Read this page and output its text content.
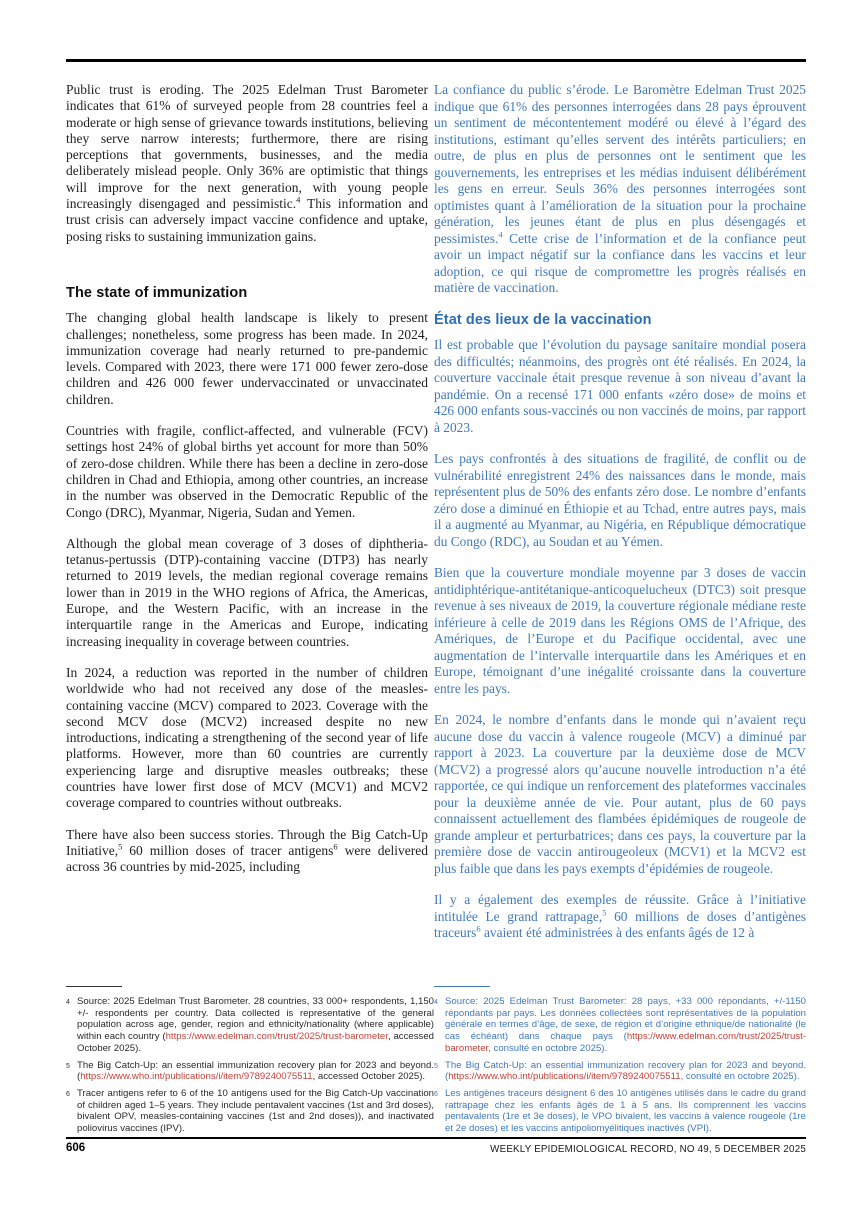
Public trust is eroding. The 2025 Edelman Trust Barometer indicates that 61% of surveyed people from 28 countries feel a moderate or high sense of grievance towards institutions, believing they serve narrow interests; furthermore, there are rising perceptions that governments, businesses, and the media deliberately mislead people. Only 36% are optimistic that things will improve for the next generation, with young people increasingly disengaged and pessimistic.$^4$ This information and trust crisis can adversely impact vaccine confidence and uptake, posing risks to sustaining immunization gains.

The state of immunization

The changing global health landscape is likely to present challenges; nonetheless, some progress has been made. In 2024, immunization coverage had nearly returned to pre-pandemic levels. Compared with 2023, there were 171 000 fewer zero-dose children and 426 000 fewer undervaccinated or unvaccinated children.

Countries with fragile, conflict-affected, and vulnerable (FCV) settings host 24% of global births yet account for more than 50% of zero-dose children. While there has been a decline in zero-dose children in Chad and Ethiopia, among other countries, an increase in the number was observed in the Democratic Republic of the Congo (DRC), Myanmar, Nigeria, Sudan and Yemen.

Although the global mean coverage of 3 doses of diphtheria-tetanus-pertussis (DTP)-containing vaccine (DTP3) has nearly returned to 2019 levels, the median regional coverage remains lower than in 2019 in the WHO regions of Africa, the Americas, Europe, and the Western Pacific, with an increase in the interquartile range in the Americas and Europe, indicating increasing inequality in coverage between countries.

In 2024, a reduction was reported in the number of children worldwide who had not received any dose of the measles-containing vaccine (MCV) compared to 2023. Coverage with the second MCV dose (MCV2) increased despite no new introductions, indicating a strengthening of the second year of life platforms. However, more than 60 countries are currently experiencing large and disruptive measles outbreaks; these countries have lower first dose of MCV (MCV1) and MCV2 coverage compared to countries without outbreaks.

There have also been success stories. Through the Big Catch-Up Initiative,$^5$ 60 million doses of tracer antigens$^6$ were delivered across 36 countries by mid-2025, including

La confiance du public s’érode. Le Baromètre Edelman Trust 2025 indique que 61% des personnes interrogées dans 28 pays éprouvent un sentiment de mécontentement modéré ou élevé à l’égard des institutions, estimant qu’elles servent des intérêts particuliers; en outre, de plus en plus de personnes ont le sentiment que les gouvernements, les entreprises et les médias induisent délibérément les gens en erreur. Seuls 36% des personnes interrogées sont optimistes quant à l’amélioration de la situation pour la prochaine génération, les jeunes étant de plus en plus désengagés et pessimistes.$^4$ Cette crise de l’information et de la confiance peut avoir un impact négatif sur la confiance dans les vaccins et leur adoption, ce qui risque de compromettre les progrès réalisés en matière de vaccination.

État des lieux de la vaccination

Il est probable que l’évolution du paysage sanitaire mondial posera des difficultés; néanmoins, des progrès ont été réalisés. En 2024, la couverture vaccinale était presque revenue à son niveau d’avant la pandémie. On a recensé 171 000 enfants «zéro dose» de moins et 426 000 enfants sous-vaccinés ou non vaccinés de moins, par rapport à 2023.

Les pays confrontés à des situations de fragilité, de conflit ou de vulnérabilité enregistrent 24% des naissances dans le monde, mais représentent plus de 50% des enfants zéro dose. Le nombre d’enfants zéro dose a diminué en Éthiopie et au Tchad, entre autres pays, mais il a augmenté au Myanmar, au Nigéria, en République démocratique du Congo (RDC), au Soudan et au Yémen.

Bien que la couverture mondiale moyenne par 3 doses de vaccin antidiphtérique-antitétanique-anticoquelucheux (DTC3) soit presque revenue à ses niveaux de 2019, la couverture régionale médiane reste inférieure à celle de 2019 dans les Régions OMS de l’Afrique, des Amériques, de l’Europe et du Pacifique occidental, avec une augmentation de l’intervalle interquartile dans les Amériques et en Europe, témoignant d’une inégalité croissante dans la couverture entre les pays.

En 2024, le nombre d’enfants dans le monde qui n’avaient reçu aucune dose du vaccin à valence rougeole (MCV) a diminué par rapport à 2023. La couverture par la deuxième dose de MCV (MCV2) a progressé alors qu’aucune nouvelle introduction n’a été rapportée, ce qui indique un renforcement des plateformes vaccinales pour la deuxième année de vie. Pour autant, plus de 60 pays connaissent actuellement des flambées épidémiques de rougeole de grande ampleur et perturbatrices; dans ces pays, la couverture par la première dose de vaccin antirougeoleux (MCV1) et la MCV2 est plus faible que dans les pays exempts d’épidémies de rougeole.

Il y a également des exemples de réussite. Grâce à l’initiative intitulée Le grand rattrapage,$^5$ 60 millions de doses d’antigènes traceurs$^6$ avaient été administrées à des enfants âgés de 12 à

4 Source: 2025 Edelman Trust Barometer. 28 countries, 33 000+ respondents, 1,150 +/- respondents per country. Data collected is representative of the general population across age, gender, region and ethnicity/nationality (where applicable) within each country (https://www.edelman.com/trust/2025/trust-barometer, accessed October 2025).
5 The Big Catch-Up: an essential immunization recovery plan for 2023 and beyond. (https://www.who.int/publications/i/item/9789240075511, accessed October 2025).
6 Tracer antigens refer to 6 of the 10 antigens used for the Big Catch-Up vaccination of children aged 1–5 years. They include pentavalent vaccines (1st and 3rd doses), bivalent OPV, measles-containing vaccines (1st and 2nd doses)), and inactivated poliovirus vaccines (IPV).
4 Source: 2025 Edelman Trust Barometer: 28 pays, +33 000 répondants, +/-1150 répondants par pays. Les données collectées sont représentatives de la population générale en termes d’âge, de sexe, de région et d’origine ethnique/de nationalité (le cas échéant) dans chaque pays (https://www.edelman.com/trust/2025/trust-barometer, consulté en octobre 2025).
5 The Big Catch-Up: an essential immunization recovery plan for 2023 and beyond. (https://www.who.int/publications/i/item/9789240075511, consulté en octobre 2025).
6 Les antigènes traceurs désignent 6 des 10 antigènes utilisés dans le cadre du grand rattrapage chez les enfants âgés de 1 à 5 ans. Ils comprennent les vaccins pentavalents (1re et 3e doses), le VPO bivalent, les vaccins à valence rougeole (1re et 2e doses) et les vaccins antipoliomyélitiques inactivés (VPI).
606	WEEKLY EPIDEMIOLOGICAL RECORD, NO 49, 5 DECEMBER 2025
